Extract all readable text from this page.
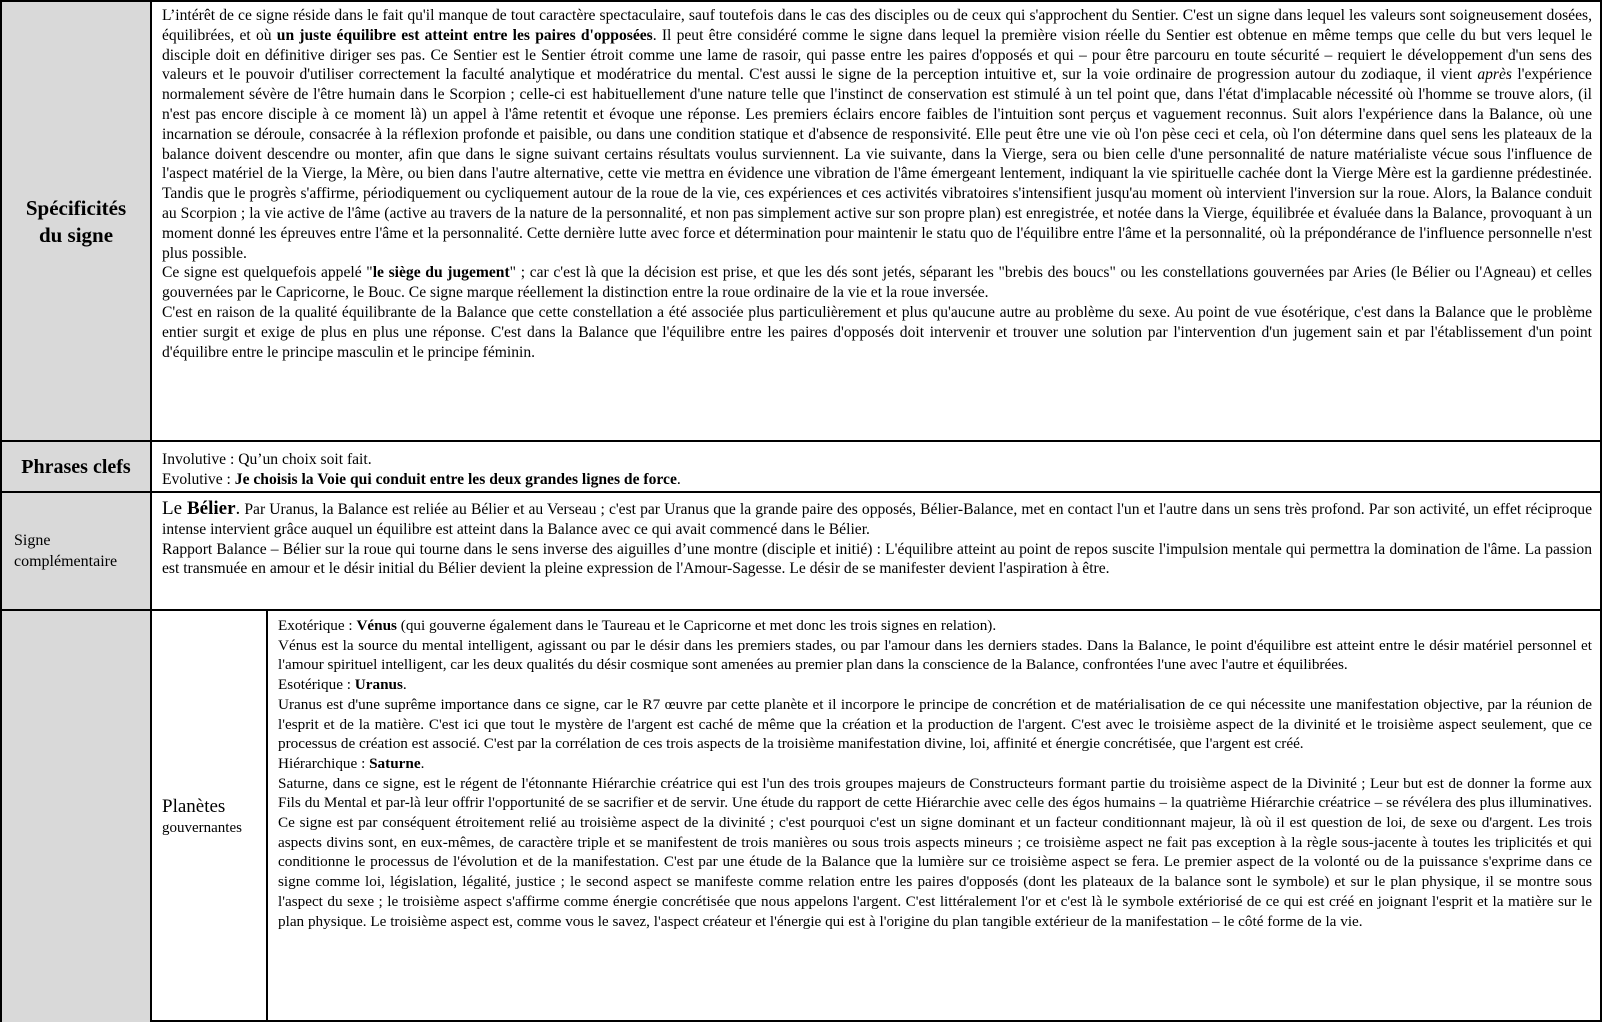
Spécificités du signe

L’intérêt de ce signe réside dans le fait qu'il manque de tout caractère spectaculaire, sauf toutefois dans le cas des disciples ou de ceux qui s'approchent du Sentier. C'est un signe dans lequel les valeurs sont soigneusement dosées, équilibrées, et où un juste équilibre est atteint entre les paires d'opposées. Il peut être considéré comme le signe dans lequel la première vision réelle du Sentier est obtenue en même temps que celle du but vers lequel le disciple doit en définitive diriger ses pas. Ce Sentier est le Sentier étroit comme une lame de rasoir, qui passe entre les paires d'opposés et qui – pour être parcouru en toute sécurité – requiert le développement d'un sens des valeurs et le pouvoir d'utiliser correctement la faculté analytique et modératrice du mental. C'est aussi le signe de la perception intuitive et, sur la voie ordinaire de progression autour du zodiaque, il vient après l'expérience normalement sévère de l'être humain dans le Scorpion ; celle-ci est habituellement d'une nature telle que l'instinct de conservation est stimulé à un tel point que, dans l'état d'implacable nécessité où l'homme se trouve alors, (il n'est pas encore disciple à ce moment là) un appel à l'âme retentit et évoque une réponse. Les premiers éclairs encore faibles de l'intuition sont perçus et vaguement reconnus. Suit alors l'expérience dans la Balance, où une incarnation se déroule, consacrée à la réflexion profonde et paisible, ou dans une condition statique et d'absence de responsivité. Elle peut être une vie où l'on pèse ceci et cela, où l'on détermine dans quel sens les plateaux de la balance doivent descendre ou monter, afin que dans le signe suivant certains résultats voulus surviennent. La vie suivante, dans la Vierge, sera ou bien celle d'une personnalité de nature matérialiste vécue sous l'influence de l'aspect matériel de la Vierge, la Mère, ou bien dans l'autre alternative, cette vie mettra en évidence une vibration de l'âme émergeant lentement, indiquant la vie spirituelle cachée dont la Vierge Mère est la gardienne prédestinée. Tandis que le progrès s'affirme, périodiquement ou cycliquement autour de la roue de la vie, ces expériences et ces activités vibratoires s'intensifient jusqu'au moment où intervient l'inversion sur la roue. Alors, la Balance conduit au Scorpion ; la vie active de l'âme (active au travers de la nature de la personnalité, et non pas simplement active sur son propre plan) est enregistrée, et notée dans la Vierge, équilibrée et évaluée dans la Balance, provoquant à un moment donné les épreuves entre l'âme et la personnalité. Cette dernière lutte avec force et détermination pour maintenir le statu quo de l'équilibre entre l'âme et la personnalité, où la prépondérance de l'influence personnelle n'est plus possible.

Ce signe est quelquefois appelé "le siège du jugement" ; car c'est là que la décision est prise, et que les dés sont jetés, séparant les "brebis des boucs" ou les constellations gouvernées par Aries (le Bélier ou l'Agneau) et celles gouvernées par le Capricorne, le Bouc. Ce signe marque réellement la distinction entre la roue ordinaire de la vie et la roue inversée.

C'est en raison de la qualité équilibrante de la Balance que cette constellation a été associée plus particulièrement et plus qu'aucune autre au problème du sexe. Au point de vue ésotérique, c'est dans la Balance que le problème entier surgit et exige de plus en plus une réponse. C'est dans la Balance que l'équilibre entre les paires d'opposés doit intervenir et trouver une solution par l'intervention d'un jugement sain et par l'établissement d'un point d'équilibre entre le principe masculin et le principe féminin.

Phrases clefs Involutive : Qu’un choix soit fait.

Evolutive : Je choisis la Voie qui conduit entre les deux grandes lignes de force.

Signe complémentaire

Le Bélier. Par Uranus, la Balance est reliée au Bélier et au Verseau ; c'est par Uranus que la grande paire des opposés, Bélier-Balance, met en contact l'un et l'autre dans un sens très profond. Par son activité, un effet réciproque intense intervient grâce auquel un équilibre est atteint dans la Balance avec ce qui avait commencé dans le Bélier.

Rapport Balance – Bélier sur la roue qui tourne dans le sens inverse des aiguilles d’une montre (disciple et initié) : L'équilibre atteint au point de repos suscite l'impulsion mentale qui permettra la domination de l'âme. La passion est transmuée en amour et le désir initial du Bélier devient la pleine expression de l'Amour-Sagesse. Le désir de se manifester devient l'aspiration à être.

Planètes
gouvernantes

Exotérique : Vénus (qui gouverne également dans le Taureau et le Capricorne et met donc les trois signes en relation).

Vénus est la source du mental intelligent, agissant ou par le désir dans les premiers stades, ou par l'amour dans les derniers stades. Dans la Balance, le point d'équilibre est atteint entre le désir matériel personnel et l'amour spirituel intelligent, car les deux qualités du désir cosmique sont amenées au premier plan dans la conscience de la Balance, confrontées l'une avec l'autre et équilibrées.

Esotérique : Uranus.

Uranus est d'une suprême importance dans ce signe, car le R7 œuvre par cette planète et il incorpore le principe de concrétion et de matérialisation de ce qui nécessite une manifestation objective, par la réunion de l'esprit et de la matière. C'est ici que tout le mystère de l'argent est caché de même que la création et la production de l'argent. C'est avec le troisième aspect de la divinité et le troisième aspect seulement, que ce processus de création est associé. C'est par la corrélation de ces trois aspects de la troisième manifestation divine, loi, affinité et énergie concrétisée, que l'argent est créé.

Hiérarchique : Saturne.

Saturne, dans ce signe, est le régent de l'étonnante Hiérarchie créatrice qui est l'un des trois groupes majeurs de Constructeurs formant partie du troisième aspect de la Divinité ; Leur but est de donner la forme aux Fils du Mental et par-là leur offrir l'opportunité de se sacrifier et de servir. Une étude du rapport de cette Hiérarchie avec celle des égos humains – la quatrième Hiérarchie créatrice – se révélera des plus illuminatives. Ce signe est par conséquent étroitement relié au troisième aspect de la divinité ; c'est pourquoi c'est un signe dominant et un facteur conditionnant majeur, là où il est question de loi, de sexe ou d'argent. Les trois aspects divins sont, en eux-mêmes, de caractère triple et se manifestent de trois manières ou sous trois aspects mineurs ; ce troisième aspect ne fait pas exception à la règle sous-jacente à toutes les triplicités et qui conditionne le processus de l'évolution et de la manifestation. C'est par une étude de la Balance que la lumière sur ce troisième aspect se fera. Le premier aspect de la volonté ou de la puissance s'exprime dans ce signe comme loi, législation, légalité, justice ; le second aspect se manifeste comme relation entre les paires d'opposés (dont les plateaux de la balance sont le symbole) et sur le plan physique, il se montre sous l'aspect du sexe ; le troisième aspect s'affirme comme énergie concrétisée que nous appelons l'argent. C'est littéralement l'or et c'est là le symbole extériorisé de ce qui est créé en joignant l'esprit et la matière sur le plan physique. Le troisième aspect est, comme vous le savez, l'aspect créateur et l'énergie qui est à l'origine du plan tangible extérieur de la manifestation – le côté forme de la vie.
